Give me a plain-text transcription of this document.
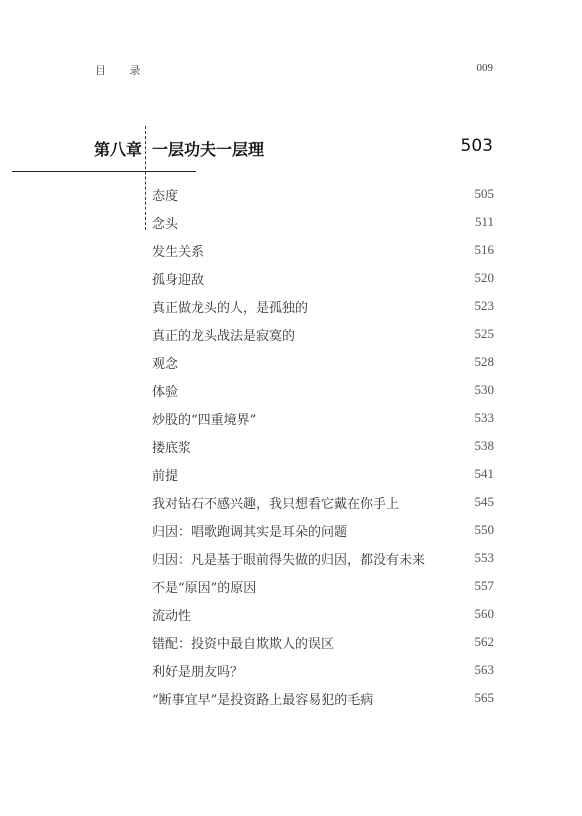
目 录	009
第八章 一层功夫一层理	503
态度	505
念头	511
发生关系	516
孤身迎敌	520
真正做龙头的人，是孤独的	523
真正的龙头战法是寂寞的	525
观念	528
体验	530
炒股的“四重境界”	533
搂底浆	538
前提	541
我对钻石不感兴趣，我只想看它戴在你手上	545
归因：唱歌跑调其实是耳朵的问题	550
归因：凡是基于眼前得失做的归因，都没有未来	553
不是“原因”的原因	557
流动性	560
错配：投资中最自欺欺人的误区	562
利好是朋友吗？	563
“断事宜早”是投资路上最容易犯的毛病	565
